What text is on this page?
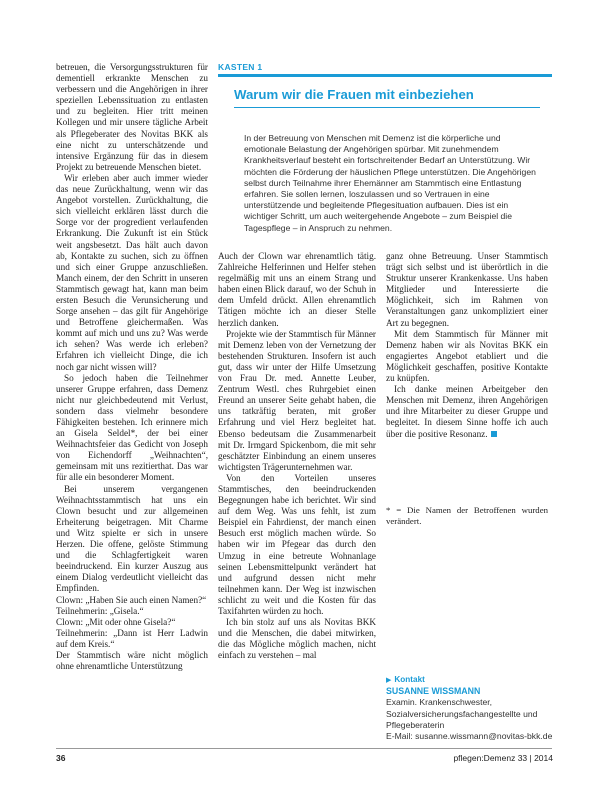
betreuen, die Versorgungsstrukturen für dementiell erkrankte Menschen zu verbessern und die Angehörigen in ihrer speziellen Lebenssituation zu entlasten und zu begleiten. Hier tritt meinen Kollegen und mir unsere tägliche Arbeit als Pflegeberater des Novitas BKK als eine nicht zu unterschätzende und intensive Ergänzung für das in diesem Projekt zu betreuende Menschen bietet.

Wir erleben aber auch immer wieder das neue Zurückhaltung, wenn wir das Angebot vorstellen. Zurückhaltung, die sich vielleicht erklären lässt durch die Sorge vor der progredient verlaufenden Erkrankung. Die Zukunft ist ein Stück weit angsbesetzt. Das hält auch davon ab, Kontakte zu suchen, sich zu öffnen und sich einer Gruppe anzuschließen. Manch einem, der den Schritt in unseren Stammtisch gewagt hat, kann man beim ersten Besuch die Verunsicherung und Sorge ansehen – das gilt für Angehörige und Betroffene gleichermaßen. Was kommt auf mich und uns zu? Was werde ich sehen? Was werde ich erleben? Erfahren ich vielleicht Dinge, die ich noch gar nicht wissen will?

So jedoch haben die Teilnehmer unserer Gruppe erfahren, dass Demenz nicht nur gleichbedeutend mit Verlust, sondern dass vielmehr besondere Fähigkeiten bestehen. Ich erinnere mich an Gisela Seldel*, der bei einer Weihnachtsfeier das Gedicht von Joseph von Eichendorff „Weihnachten“, gemeinsam mit uns rezitierthat. Das war für alle ein besonderer Moment.

Bei unserem vergangenen Weihnachtsstammtisch hat uns ein Clown besucht und zur allgemeinen Erheiterung beigetragen. Mit Charme und Witz spielte er sich in unsere Herzen. Die offene, gelöste Stimmung und die Schlagfertigkeit waren beeindruckend. Ein kurzer Auszug aus einem Dialog verdeutlicht vielleicht das Empfinden.

Clown: „Haben Sie auch einen Namen?“

Teilnehmerin: „Gisela.“

Clown: „Mit oder ohne Gisela?“

Teilnehmerin: „Dann ist Herr Ladwin auf dem Kreis.“

Der Stammtisch wäre nicht möglich ohne ehrenamtliche Unterstützung

KASTEN 1
Warum wir die Frauen mit einbeziehen

In der Betreuung von Menschen mit Demenz ist die körperliche und emotionale Belastung der Angehörigen spürbar. Mit zunehmendem Krankheitsverlauf besteht ein fortschreitender Bedarf an Unterstützung. Wir möchten die Förderung der häuslichen Pflege unterstützen. Die Angehörigen selbst durch Teilnahme ihrer Ehemänner am Stammtisch eine Entlastung erfahren. Sie sollen lernen, loszulassen und so Vertrauen in eine unterstützende und begleitende Pflegesituation aufbauen. Dies ist ein wichtiger Schritt, um auch weitergehende Angebote – zum Beispiel die Tagespflege – in Anspruch zu nehmen.

Auch der Clown war ehrenamtlich tätig. Zahlreiche Helferinnen und Helfer stehen regelmäßig mit uns an einem Strang und haben einen Blick darauf, wo der Schuh in dem Umfeld drückt. Allen ehrenamtlich Tätigen möchte ich an dieser Stelle herzlich danken.

Projekte wie der Stammtisch für Männer mit Demenz leben von der Vernetzung der bestehenden Strukturen. Insofern ist auch gut, dass wir unter der Hilfe Umsetzung von Frau Dr. med. Annette Leuber, Zentrum Westl. ches Ruhrgebiet einen Freund an unserer Seite gehabt haben, die uns tatkräftig beraten, mit großer Erfahrung und viel Herz begleitet hat. Ebenso bedeutsam die Zusammenarbeit mit Dr. Irmgard Spickenbom, die mit sehr geschätzter Einbindung an einem unseres wichtigsten Trägerunternehmen war.

Von den Vorteilen unseres Stammtisches, den beeindruckenden Begegnungen habe ich berichtet. Wir sind auf dem Weg. Was uns fehlt, ist zum Beispiel ein Fahrdienst, der manch einen Besuch erst möglich machen würde. So haben wir im Pfegear das durch den Umzug in eine betreute Wohnanlage seinen Lebensmittelpunkt verändert hat und aufgrund dessen nicht mehr teilnehmen kann. Der Weg ist inzwischen schlicht zu weit und die Kosten für das Taxifahrten würden zu hoch.

Ich bin stolz auf uns als Novitas BKK und die Menschen, die dabei mitwirken, die das Mögliche möglich machen, nicht einfach zu verstehen – mal

ganz ohne Betreuung. Unser Stammtisch trägt sich selbst und ist überörtlich in die Struktur unserer Krankenkasse. Uns haben Mitglieder und Interessierte die Möglichkeit, sich im Rahmen von Veranstaltungen ganz unkompliziert einer Art zu begegnen.

Mit dem Stammtisch für Männer mit Demenz haben wir als Novitas BKK ein engagiertes Angebot etabliert und die Möglichkeit geschaffen, positive Kontakte zu knüpfen.

Ich danke meinen Arbeitgeber den Menschen mit Demenz, ihren Angehörigen und ihre Mitarbeiter zu dieser Gruppe und begleitet. In diesem Sinne hoffe ich auch über die positive Resonanz.

* = Die Namen der Betroffenen wurden verändert.
▶ Kontakt
SUSANNE WISSMANN
Examin. Krankenschwester, Sozialversicherungsfachangestellte und Pflegeberaterin
E-Mail: susanne.wissmann@novitas-bkk.de
36	pflegen:Demenz 33 | 2014
